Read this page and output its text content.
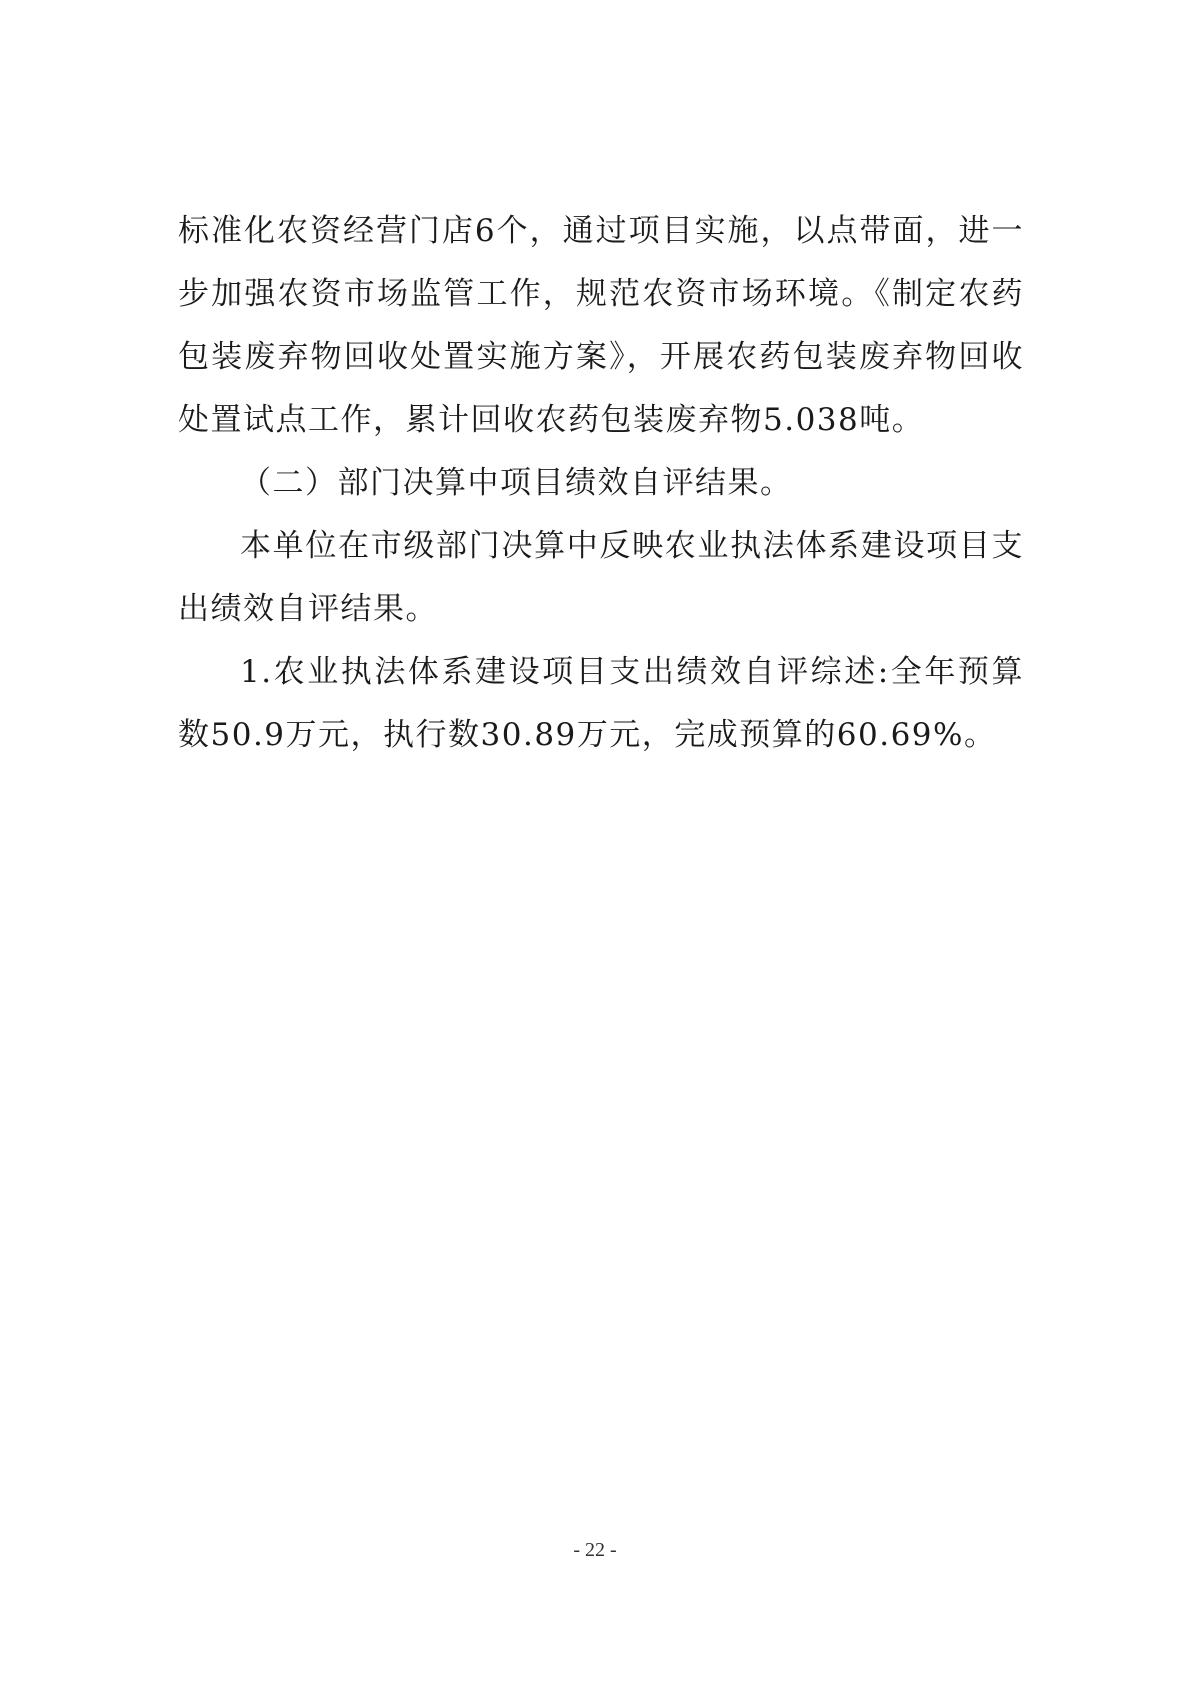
标准化农资经营门店6个，通过项目实施，以点带面，进一步加强农资市场监管工作，规范农资市场环境。《制定农药包装废弃物回收处置实施方案》，开展农药包装废弃物回收处置试点工作，累计回收农药包装废弃物5.038吨。

（二）部门决算中项目绩效自评结果。

本单位在市级部门决算中反映农业执法体系建设项目支出绩效自评结果。

1.农业执法体系建设项目支出绩效自评综述:全年预算数50.9万元，执行数30.89万元，完成预算的60.69%。

- 22 -
